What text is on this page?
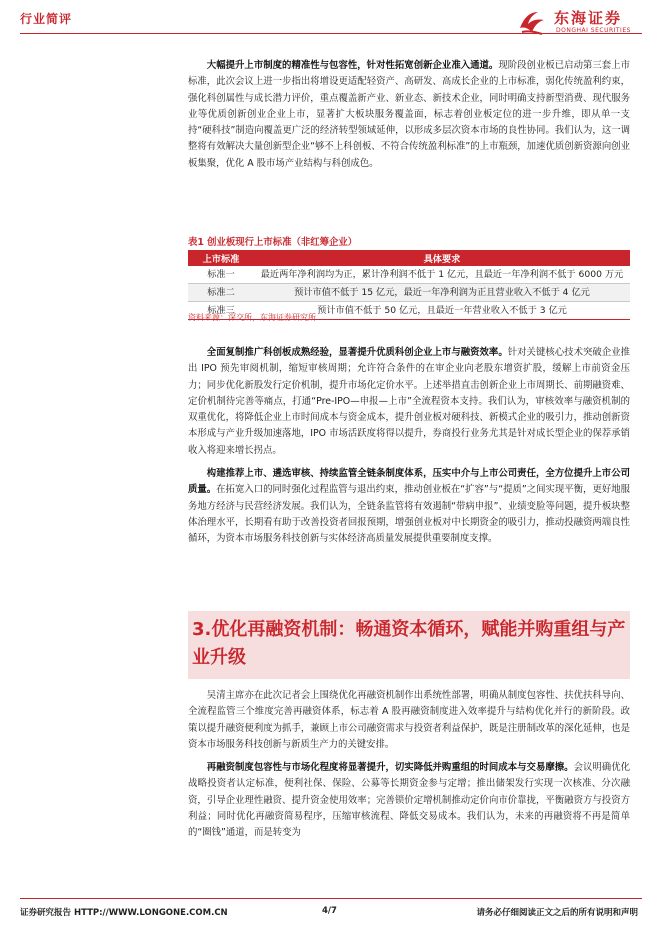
行业简评	东海证券
DONGHAI SECURITIES

大幅提升上市制度的精准性与包容性，针对性拓宽创新企业准入通道。现阶段创业板已启动第三套上市标准，此次会议上进一步指出将增设更适配轻资产、高研发、高成长企业的上市标准，弱化传统盈利约束，强化科创属性与成长潜力评价，重点覆盖新产业、新业态、新技术企业，同时明确支持新型消费、现代服务业等优质创新创业企业上市，显著扩大板块服务覆盖面，标志着创业板定位的进一步升维，即从单一支持“硬科技”制造向覆盖更广泛的经济转型领域延伸，以形成多层次资本市场的良性协同。我们认为，这一调整将有效解决大量创新型企业“够不上科创板、不符合传统盈利标准”的上市瓶颈，加速优质创新资源向创业板集聚，优化 A 股市场产业结构与科创成色。

表1 创业板现行上市标准（非红筹企业）
上市标准	具体要求
标准一	最近两年净利润均为正，累计净利润不低于 1 亿元，且最近一年净利润不低于 6000 万元
标准二	预计市值不低于 15 亿元，最近一年净利润为正且营业收入不低于 4 亿元
标准三	预计市值不低于 50 亿元，且最近一年营业收入不低于 3 亿元
资料来源：深交所，东海证券研究所

全面复制推广科创板成熟经验，显著提升优质科创企业上市与融资效率。针对关键核心技术突破企业推出 IPO 预先审阅机制，缩短审核周期；允许符合条件的在审企业向老股东增资扩股，缓解上市前资金压力；同步优化新股发行定价机制，提升市场化定价水平。上述举措直击创新企业上市周期长、前期融资难、定价机制待完善等痛点，打通“Pre-IPO—申报—上市”全流程资本支持。我们认为，审核效率与融资机制的双重优化，将降低企业上市时间成本与资金成本，提升创业板对硬科技、新模式企业的吸引力，推动创新资本形成与产业升级加速落地，IPO 市场活跃度将得以提升，券商投行业务尤其是针对成长型企业的保荐承销收入将迎来增长拐点。

构建推荐上市、遴选审核、持续监管全链条制度体系，压实中介与上市公司责任，全方位提升上市公司质量。在拓宽入口的同时强化过程监管与退出约束，推动创业板在“扩容”与“提质”之间实现平衡，更好地服务地方经济与民营经济发展。我们认为，全链条监管将有效遏制“带病申报”、业绩变脸等问题，提升板块整体治理水平，长期看有助于改善投资者回报预期，增强创业板对中长期资金的吸引力，推动投融资两端良性循环，为资本市场服务科技创新与实体经济高质量发展提供重要制度支撑。

3.优化再融资机制：畅通资本循环，赋能并购重组与产业升级

吴清主席亦在此次记者会上围绕优化再融资机制作出系统性部署，明确从制度包容性、扶优扶科导向、全流程监管三个维度完善再融资体系，标志着 A 股再融资制度进入效率提升与结构优化并行的新阶段。政策以提升融资便利度为抓手，兼顾上市公司融资需求与投资者利益保护，既是注册制改革的深化延伸，也是资本市场服务科技创新与新质生产力的关键安排。

再融资制度包容性与市场化程度将显著提升，切实降低并购重组的时间成本与交易摩擦。会议明确优化战略投资者认定标准，便利社保、保险、公募等长期资金参与定增；推出储架发行实现一次核准、分次融资，引导企业理性融资、提升资金使用效率；完善锁价定增机制推动定价向市价靠拢，平衡融资方与投资方利益；同时优化再融资简易程序，压缩审核流程、降低交易成本。我们认为，未来的再融资将不再是简单的“圈钱”通道，而是转变为

证券研究报告 HTTP://WWW.LONGONE.COM.CN	4/7	请务必仔细阅读正文之后的所有说明和声明
